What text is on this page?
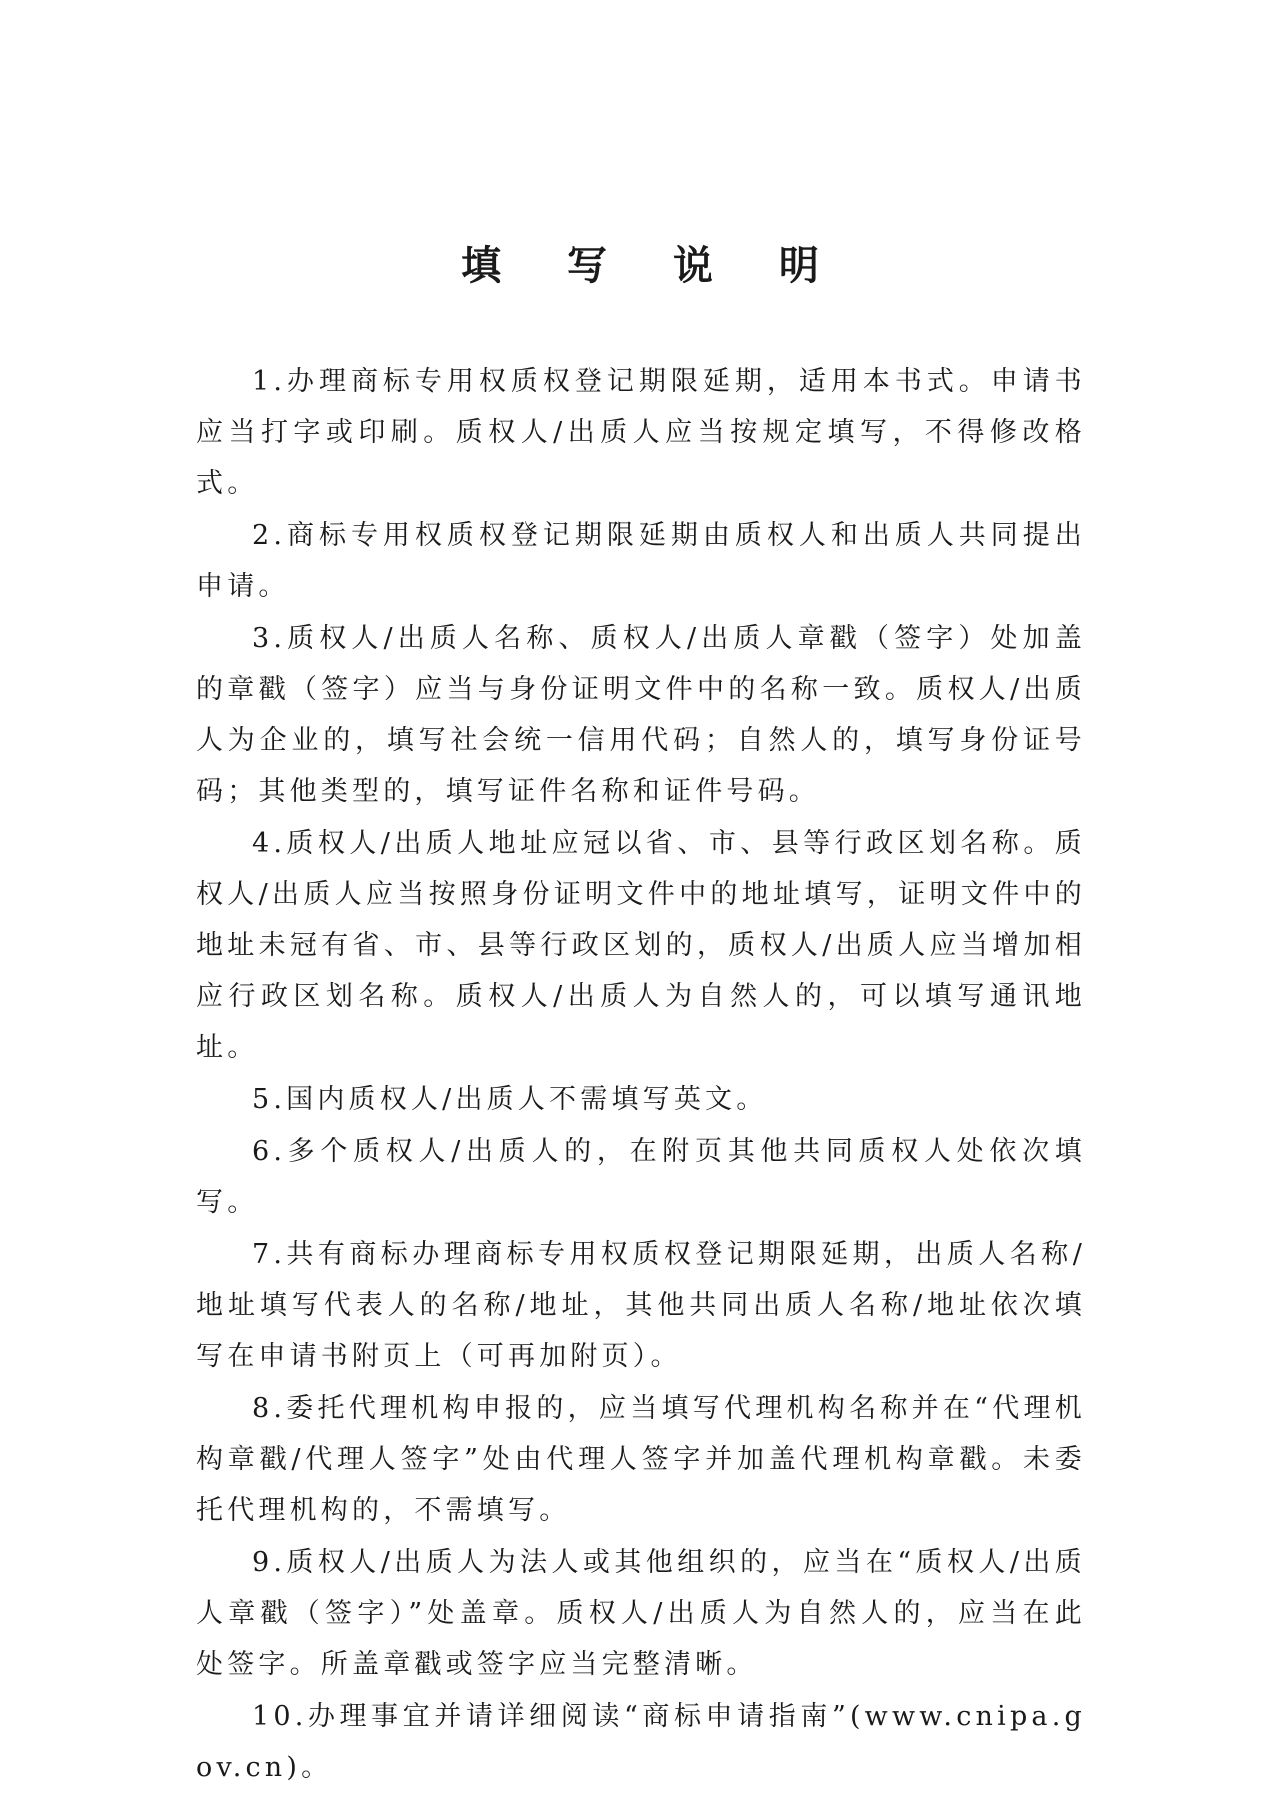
填 写 说 明

1.办理商标专用权质权登记期限延期，适用本书式。申请书应当打字或印刷。质权人/出质人应当按规定填写，不得修改格式。

2.商标专用权质权登记期限延期由质权人和出质人共同提出申请。

3.质权人/出质人名称、质权人/出质人章戳（签字）处加盖的章戳（签字）应当与身份证明文件中的名称一致。质权人/出质人为企业的，填写社会统一信用代码；自然人的，填写身份证号码；其他类型的，填写证件名称和证件号码。

4.质权人/出质人地址应冠以省、市、县等行政区划名称。质权人/出质人应当按照身份证明文件中的地址填写，证明文件中的地址未冠有省、市、县等行政区划的，质权人/出质人应当增加相应行政区划名称。质权人/出质人为自然人的，可以填写通讯地址。

5.国内质权人/出质人不需填写英文。

6.多个质权人/出质人的，在附页其他共同质权人处依次填写。

7.共有商标办理商标专用权质权登记期限延期，出质人名称/地址填写代表人的名称/地址，其他共同出质人名称/地址依次填写在申请书附页上（可再加附页）。

8.委托代理机构申报的，应当填写代理机构名称并在“代理机构章戳/代理人签字”处由代理人签字并加盖代理机构章戳。未委托代理机构的，不需填写。

9.质权人/出质人为法人或其他组织的，应当在“质权人/出质人章戳（签字）”处盖章。质权人/出质人为自然人的，应当在此处签字。所盖章戳或签字应当完整清晰。

10.办理事宜并请详细阅读“商标申请指南”(www.cnipa.gov.cn)。
